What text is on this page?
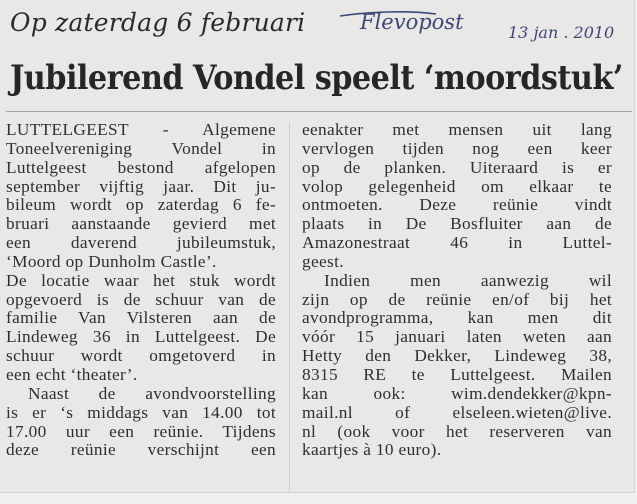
Op zaterdag 6 februari	Flevopost	13 jan . 2010
Jubilerend Vondel speelt ‘moordstuk’
LUTTELGEEST - Algemene
Toneelvereniging Vondel in
Luttelgeest bestond afgelopen
september vijftig jaar. Dit ju-
bileum wordt op zaterdag 6 fe-
bruari aanstaande gevierd met
een daverend jubileumstuk,
‘Moord op Dunholm Castle’.
De locatie waar het stuk wordt
opgevoerd is de schuur van de
familie Van Vilsteren aan de
Lindeweg 36 in Luttelgeest. De
schuur wordt omgetoverd in
een echt ‘theater’.
Naast de avondvoorstelling
is er ‘s middags van 14.00 tot
17.00 uur een reünie. Tijdens
deze reünie verschijnt een
eenakter met mensen uit lang
vervlogen tijden nog een keer
op de planken. Uiteraard is er
volop gelegenheid om elkaar te
ontmoeten. Deze reünie vindt
plaats in De Bosfluiter aan de
Amazonestraat 46 in Luttel-
geest.
Indien men aanwezig wil
zijn op de reünie en/of bij het
avondprogramma, kan men dit
vóór 15 januari laten weten aan
Hetty den Dekker, Lindeweg 38,
8315 RE te Luttelgeest. Mailen
kan ook: wim.dendekker@kpn-
mail.nl of elseleen.wieten@live.
nl (ook voor het reserveren van
kaartjes à 10 euro).
